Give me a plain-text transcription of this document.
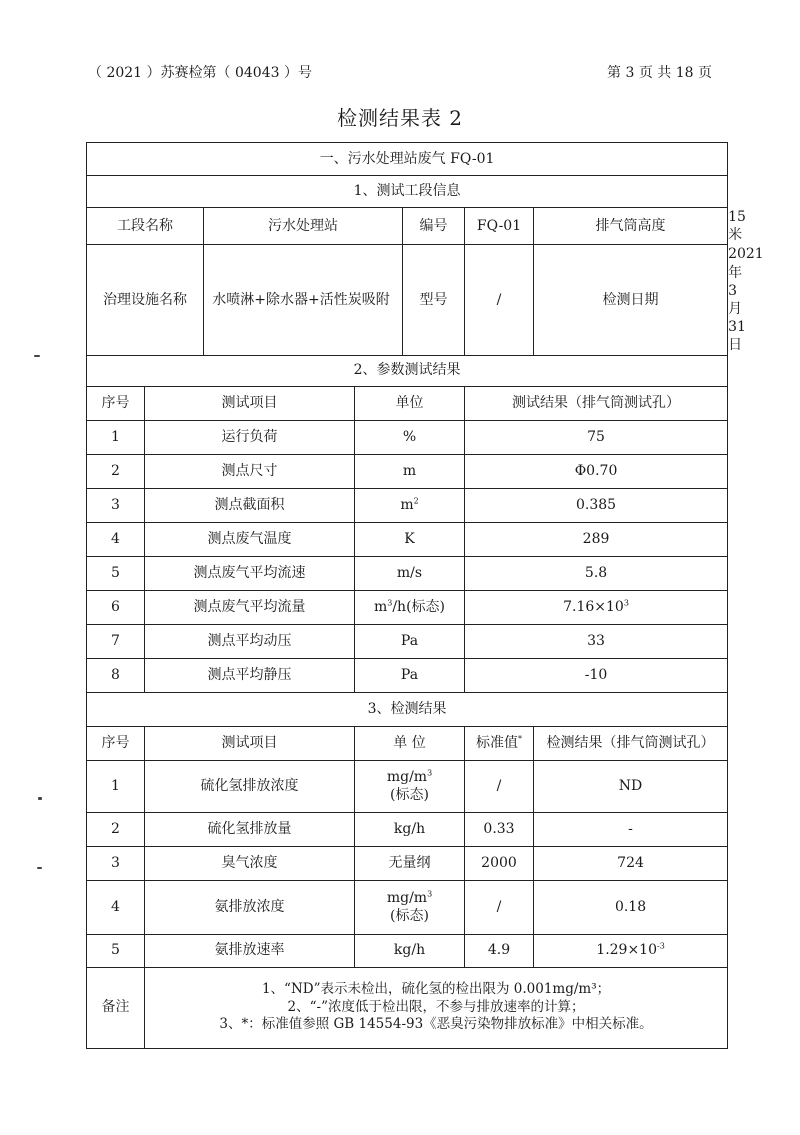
（ 2021 ）苏赛检第（ 04043 ）号	第 3 页 共 18 页
检测结果表 2
一、污水处理站废气 FQ-01							
1、测试工段信息							
工段名称		污水处理站		编号	FQ-01	排气筒高度	15 米
治理设施名称		水喷淋+除水器+活性炭吸附		型号	/	检测日期	2021 年 3 月 31 日
2、参数测试结果							
序号	测试项目		单位		测试结果（排气筒测试孔）		
1	运行负荷		%		75		
2	测点尺寸		m		Φ0.70		
3	测点截面积		$m^2$		0.385		
4	测点废气温度		K		289		
5	测点废气平均流速		m/s		5.8		
6	测点废气平均流量		$m^3/h$(标态)		$7.16\times 10^3$
7	测点平均动压		Pa		33		
8	测点平均静压		Pa		-10		
3、检测结果							
序号	测试项目		单 位		标准值*	检测结果（排气筒测试孔）	
1	硫化氢排放浓度		$mg/m^3$
(标态)		/	ND	
2	硫化氢排放量		kg/h		0.33	-	
3	臭气浓度		无量纲		2000	724	
4	氨排放浓度		$mg/m^3$
(标态)		/	0.18	
5	氨排放速率		kg/h		4.9	$1.29\times 10^{-3}$
备注	1、“ND”表示未检出，硫化氢的检出限为 0.001mg/m³；
2、“-”浓度低于检出限，不参与排放速率的计算；
3、*：标准值参照 GB 14554-93《恶臭污染物排放标准》中相关标准。						
